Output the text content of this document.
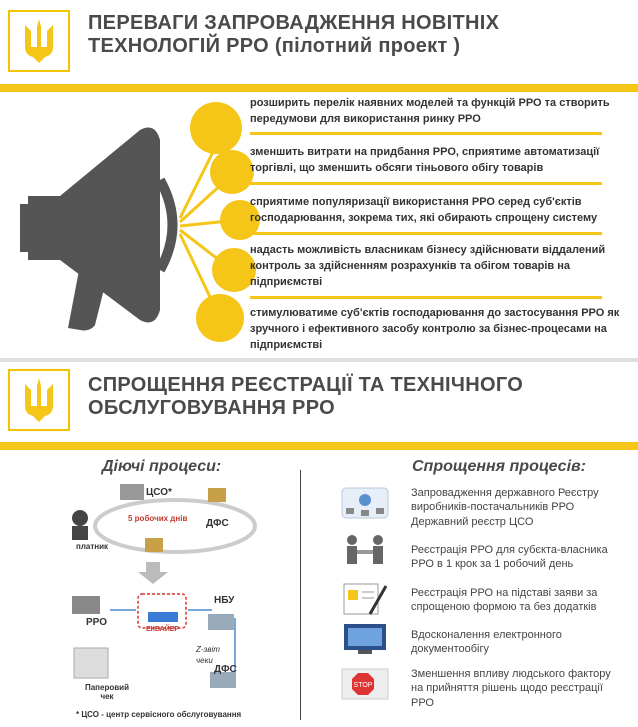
ПЕРЕВАГИ ЗАПРОВАДЖЕННЯ НОВІТНІХ
ТЕХНОЛОГІЙ РРО (пілотний проект )
розширить перелік наявних моделей та функцій РРО та створить передумови для використання ринку РРО
зменшить витрати на придбання РРО, сприятиме автоматизації торгівлі, що зменшить обсяги тіньового обігу товарів
сприятиме популяризації використання РРО серед суб'єктів господарювання, зокрема тих, які обирають спрощену систему
надасть можливість власникам бізнесу здійснювати віддалений контроль за здійсненням розрахунків та обігом товарів на підприємстві
стимулюватиме суб'єктів господарювання до застосування РРО як зручного і ефективного засобу контролю за бізнес-процесами на підприємстві
СПРОЩЕННЯ РЕЄСТРАЦІЇ ТА ТЕХНІЧНОГО
ОБСЛУГОВУВАННЯ РРО
Діючі процеси:	Спрощення процесів:
ЦСО*
5 робочих днів ДФС
платник
РРО
ЕКВАЙЕР
НБУ
Z-звіт
чеки
ДФС
Паперовий чек
* ЦСО - центр сервісного обслуговування
Запровадження державного Реєстру виробників-постачальників РРО Державний реєстр ЦСО
Реєстрація РРО для субєкта-власника РРО в 1 крок за 1 робочий день
Реєстрація РРО на підставі заяви за спрощеною формою та без додатків
Вдосконалення електронного документообігу
STOP
Зменшення впливу людського фактору на прийняття рішень щодо реєстрації РРО
